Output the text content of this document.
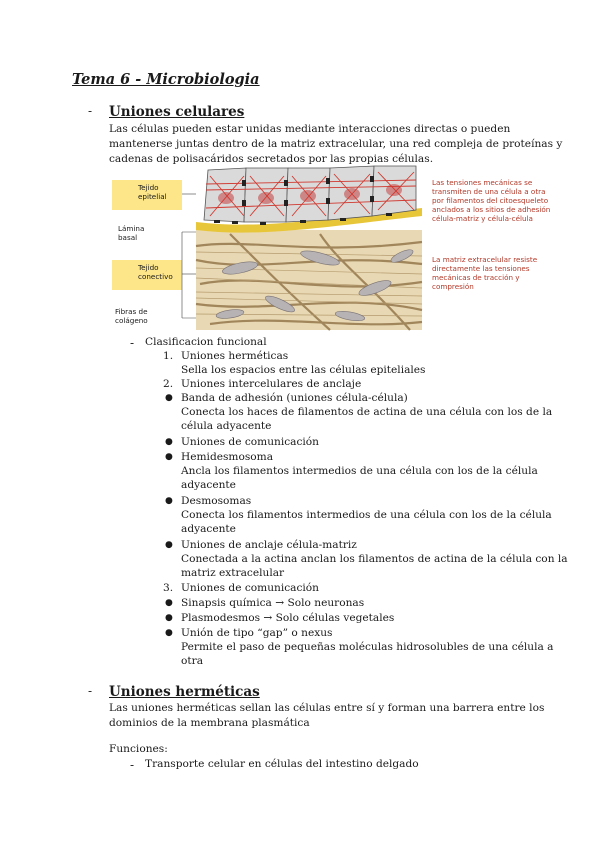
Tema 6 - Microbiologia
- Uniones celulares
Las células pueden estar unidas mediante interacciones directas o pueden
mantenerse juntas dentro de la matriz extracelular, una red compleja de proteínas y
cadenas de polisacáridos secretados por las propias células.
Tejido
epitelial
Lámina
basal
Tejido
conectivo
Fibras de
colágeno
Las tensiones mecánicas se
transmiten de una célula a otra
por filamentos del citoesqueleto
anclados a los sitios de adhesión
célula-matriz y célula-célula
La matriz extracelular resiste
directamente las tensiones
mecánicas de tracción y
compresión
- Clasificacion funcional
1. Uniones herméticas
Sella los espacios entre las células epiteliales
2. Uniones intercelulares de anclaje
● Banda de adhesión (uniones célula-célula)
Conecta los haces de filamentos de actina de una célula con los de la
célula adyacente
● Uniones de comunicación
● Hemidesmosoma
Ancla los filamentos intermedios de una célula con los de la célula
adyacente
● Desmosomas
Conecta los filamentos intermedios de una célula con los de la célula
adyacente
● Uniones de anclaje célula-matriz
Conectada a la actina anclan los filamentos de actina de la célula con la
matriz extracelular
3. Uniones de comunicación
● Sinapsis química → Solo neuronas
● Plasmodesmos → Solo células vegetales
● Unión de tipo “gap” o nexus
Permite el paso de pequeñas moléculas hidrosolubles de una célula a
otra
- Uniones herméticas
Las uniones herméticas sellan las células entre sí y forman una barrera entre los
dominios de la membrana plasmática
Funciones:
- Transporte celular en células del intestino delgado
